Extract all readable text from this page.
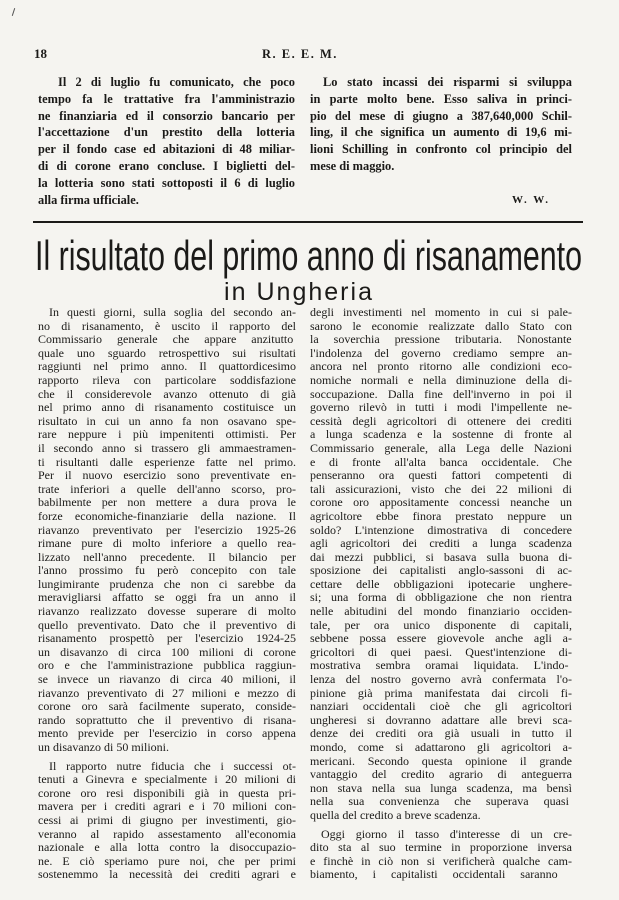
18	R. E. E. M.
Il 2 di luglio fu comunicato, che poco
tempo fa le trattative fra l'amministrazio
ne finanziaria ed il consorzio bancario per
l'accettazione d'un prestito della lotteria
per il fondo case ed abitazioni di 48 miliar-
di di corone erano concluse. I biglietti del-
la lotteria sono stati sottoposti il 6 di luglio
alla firma ufficiale.
Lo stato incassi dei risparmi si sviluppa
in parte molto bene. Esso saliva in princi-
pio del mese di giugno a 387,640,000 Schil-
ling, il che significa un aumento di 19,6 mi-
lioni Schilling in confronto col principio del
mese di maggio.
W. W.
Il risultato del primo anno di risanamento
in Ungheria
In questi giorni, sulla soglia del secondo an-
no di risanamento, è uscito il rapporto del
Commissario generale che appare anzitutto
quale uno sguardo retrospettivo sui risultati
raggiunti nel primo anno. Il quattordicesimo
rapporto rileva con particolare soddisfazione
che il considerevole avanzo ottenuto di già
nel primo anno di risanamento costituisce un
risultato in cui un anno fa non osavano spe-
rare neppure i più impenitenti ottimisti. Per
il secondo anno si trassero gli ammaestramen-
ti risultanti dalle esperienze fatte nel primo.
Per il nuovo esercizio sono preventivate en-
trate inferiori a quelle dell'anno scorso, pro-
babilmente per non mettere a dura prova le
forze economiche-finanziarie della nazione. Il
riavanzo preventivato per l'esercizio 1925-26
rimane pure di molto inferiore a quello rea-
lizzato nell'anno precedente. Il bilancio per
l'anno prossimo fu però concepito con tale
lungimirante prudenza che non ci sarebbe da
meravigliarsi affatto se oggi fra un anno il
riavanzo realizzato dovesse superare di molto
quello preventivato. Dato che il preventivo di
risanamento prospettò per l'esercizio 1924-25
un disavanzo di circa 100 milioni di corone
oro e che l'amministrazione pubblica raggiun-
se invece un riavanzo di circa 40 milioni, il
riavanzo preventivato di 27 milioni e mezzo di
corone oro sarà facilmente superato, conside-
rando soprattutto che il preventivo di risana-
mento previde per l'esercizio in corso appena
un disavanzo di 50 milioni.
Il rapporto nutre fiducia che i successi ot-
tenuti a Ginevra e specialmente i 20 milioni di
corone oro resi disponibili già in questa pri-
mavera per i crediti agrari e i 70 milioni con-
cessi ai primi di giugno per investimenti, gio-
veranno al rapido assestamento all'economia
nazionale e alla lotta contro la disoccupazio-
ne. E ciò speriamo pure noi, che per primi
sostenemmo la necessità dei crediti agrari e
degli investimenti nel momento in cui si pale-
sarono le economie realizzate dallo Stato con
la soverchia pressione tributaria. Nonostante
l'indolenza del governo crediamo sempre an-
ancora nel pronto ritorno alle condizioni eco-
nomiche normali e nella diminuzione della di-
soccupazione. Dalla fine dell'inverno in poi il
governo rilevò in tutti i modi l'impellente ne-
cessità degli agricoltori di ottenere dei crediti
a lunga scadenza e la sostenne di fronte al
Commissario generale, alla Lega delle Nazioni
e di fronte all'alta banca occidentale. Che
penseranno ora questi fattori competenti di
tali assicurazioni, visto che dei 22 milioni di
corone oro appositamente concessi neanche un
agricoltore ebbe finora prestato neppure un
soldo? L'intenzione dimostrativa di concedere
agli agricoltori dei crediti a lunga scadenza
dai mezzi pubblici, si basava sulla buona di-
sposizione dei capitalisti anglo-sassoni di ac-
cettare delle obbligazioni ipotecarie unghere-
si; una forma di obbligazione che non rientra
nelle abitudini del mondo finanziario occiden-
tale, per ora unico disponente di capitali,
sebbene possa essere giovevole anche agli a-
gricoltori di quei paesi. Quest'intenzione di-
mostrativa sembra oramai liquidata. L'indo-
lenza del nostro governo avrà confermata l'o-
pinione già prima manifestata dai circoli fi-
nanziari occidentali cioè che gli agricoltori
ungheresi si dovranno adattare alle brevi sca-
denze dei crediti ora già usuali in tutto il
mondo, come si adattarono gli agricoltori a-
mericani. Secondo questa opinione il grande
vantaggio del credito agrario di anteguerra
non stava nella sua lunga scadenza, ma bensì
nella sua convenienza che superava quasi
quella del credito a breve scadenza.
Oggi giorno il tasso d'interesse di un cre-
dito sta al suo termine in proporzione inversa
e finchè in ciò non si verificherà qualche cam-
biamento, i capitalisti occidentali saranno
